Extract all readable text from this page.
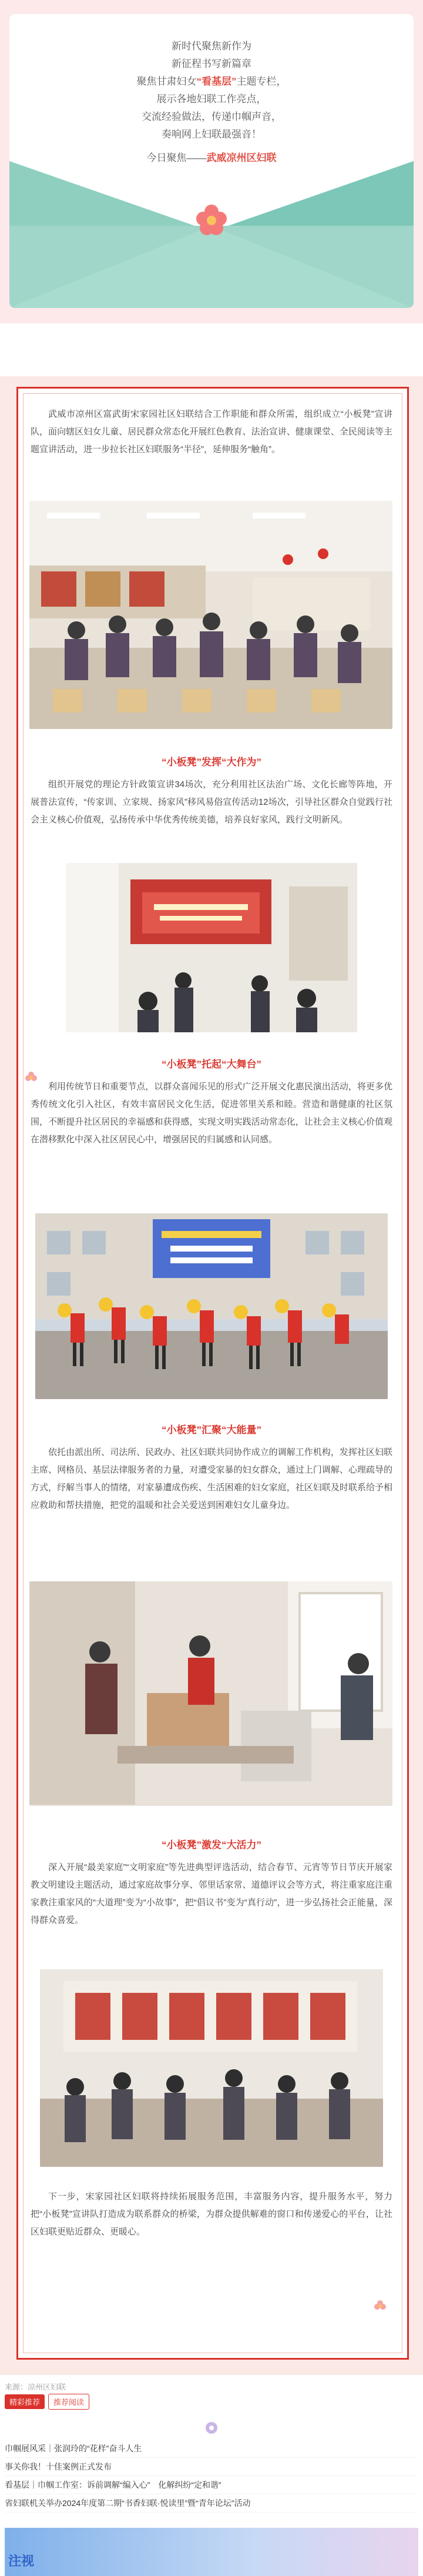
新时代聚焦新作为
新征程书写新篇章
聚焦甘肃妇女“看基层”主题专栏，
展示各地妇联工作亮点，
交流经验做法，传递巾帼声音，
奏响网上妇联最强音！
今日聚焦——武威凉州区妇联
武威市凉州区富武街宋家园社区妇联结合工作职能和群众所需，组织成立“小板凳”宣讲队，面向辖区妇女儿童、居民群众常态化开展红色教育、法治宣讲、健康课堂、全民阅读等主题宣讲活动，进一步拉长社区妇联服务“半径”，延伸服务“触角”。
“小板凳”发挥“大作为”
组织开展党的理论方针政策宣讲34场次，充分利用社区法治广场、文化长廊等阵地，开展普法宣传，“传家训、立家规、扬家风”移风易俗宣传活动12场次，引导社区群众自觉践行社会主义核心价值观，弘扬传承中华优秀传统美德，培养良好家风，践行文明新风。
“小板凳”托起“大舞台”
利用传统节日和重要节点，以群众喜闻乐见的形式广泛开展文化惠民演出活动，将更多优秀传统文化引入社区，有效丰富居民文化生活，促进邻里关系和睦。营造和谐健康的社区氛围，不断提升社区居民的幸福感和获得感，实现文明实践活动常态化，让社会主义核心价值观在潜移默化中深入社区居民心中，增强居民的归属感和认同感。
“小板凳”汇聚“大能量”
依托由派出所、司法所、民政办、社区妇联共同协作成立的调解工作机构，发挥社区妇联主席、网格员、基层法律服务者的力量，对遭受家暴的妇女群众，通过上门调解、心理疏导的方式，纾解当事人的情绪，对家暴遭成伤疾、生活困难的妇女家庭，社区妇联及时联系给予相应救助和帮扶措施，把党的温暖和社会关爱送到困难妇女儿童身边。
“小板凳”激发“大活力”
深入开展“最美家庭”“文明家庭”等先进典型评选活动，结合春节、元宵等节日节庆开展家教文明建设主题活动，通过家庭故事分享、邻里话家常、道德评议会等方式，将注重家庭注重家教注重家风的“大道理”变为“小故事”，把“倡议书”变为“真行动”，进一步弘扬社会正能量，深得群众喜爱。
下一步，宋家园社区妇联将持续拓展服务范围，丰富服务内容，提升服务水平，努力把“小板凳”宣讲队打造成为联系群众的桥梁，为群众提供解难的窗口和传递爱心的平台，让社区妇联更贴近群众、更暖心。
来源：凉州区妇联
精彩推荐 推荐阅读
巾帼展风采｜张润玲的“花样”奋斗人生
事关你我！十佳案例正式发布
看基层｜巾帼工作室：诉前调解“编入心”　化解纠纷“定和谐”
省妇联机关举办2024年度第二期“书香妇联·悦读里”暨“青年论坛”活动
注视
